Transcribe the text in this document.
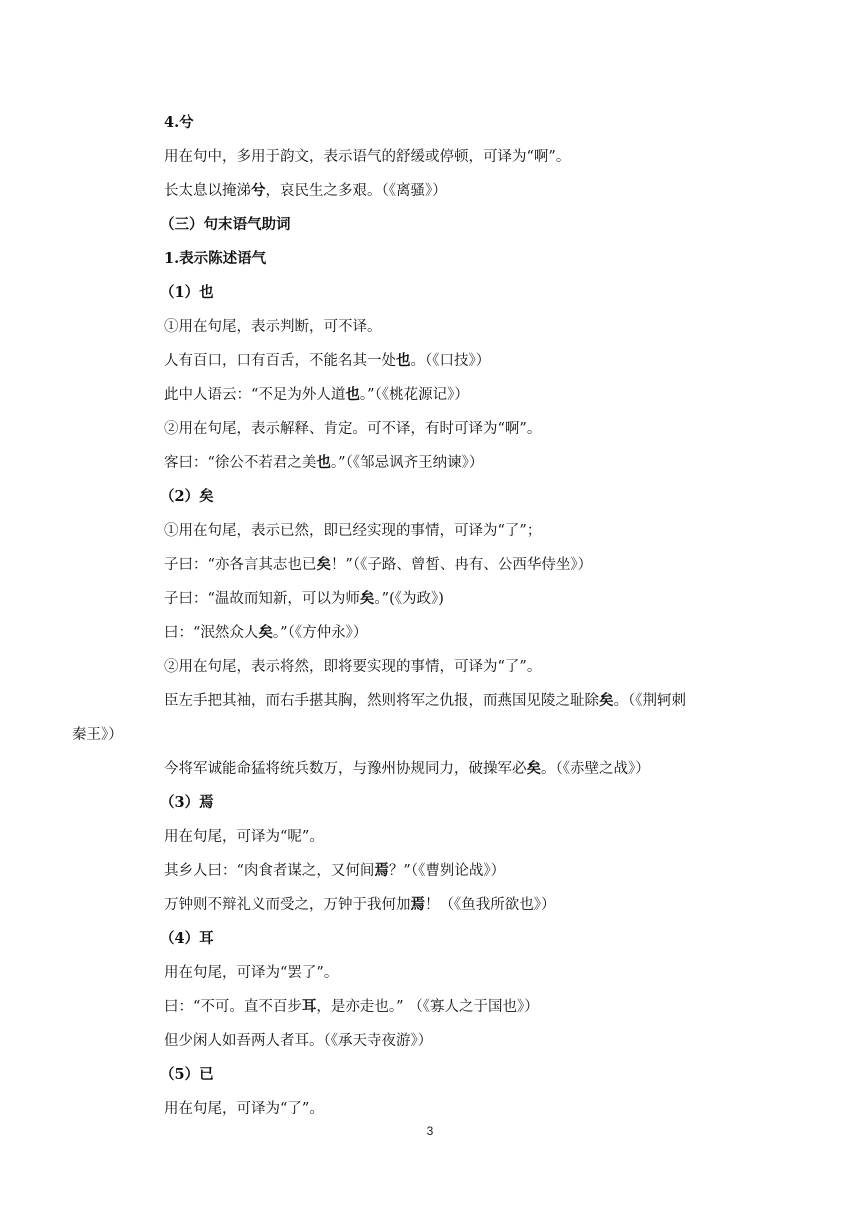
4.兮
用在句中，多用于韵文，表示语气的舒缓或停顿，可译为“啊”。
长太息以掩涕兮，哀民生之多艰。（《离骚》）
（三）句末语气助词
1.表示陈述语气
（1）也
①用在句尾，表示判断，可不译。
人有百口，口有百舌，不能名其一处也。（《口技》）
此中人语云：“不足为外人道也。”（《桃花源记》）
②用在句尾，表示解释、肯定。可不译，有时可译为“啊”。
客曰：“徐公不若君之美也。”（《邹忌讽齐王纳谏》）
（2）矣
①用在句尾，表示已然，即已经实现的事情，可译为“了”；
子曰：“亦各言其志也已矣！”（《子路、曾皙、冉有、公西华侍坐》）
子曰：“温故而知新，可以为师矣。”(《为政》)
曰：“泯然众人矣。”（《方仲永》）
②用在句尾，表示将然，即将要实现的事情，可译为“了”。
臣左手把其袖，而右手揕其胸，然则将军之仇报，而燕国见陵之耻除矣。（《荆轲刺
秦王》）
今将军诚能命猛将统兵数万，与豫州协规同力，破操军必矣。（《赤壁之战》）
（3）焉
用在句尾，可译为“呢”。
其乡人曰：“肉食者谋之，又何间焉？”（《曹刿论战》）
万钟则不辩礼义而受之，万钟于我何加焉！（《鱼我所欲也》）
（4）耳
用在句尾，可译为“罢了”。
曰：“不可。直不百步耳，是亦走也。” （《寡人之于国也》）
但少闲人如吾两人者耳。（《承天寺夜游》）
（5）已
用在句尾，可译为“了”。
3
